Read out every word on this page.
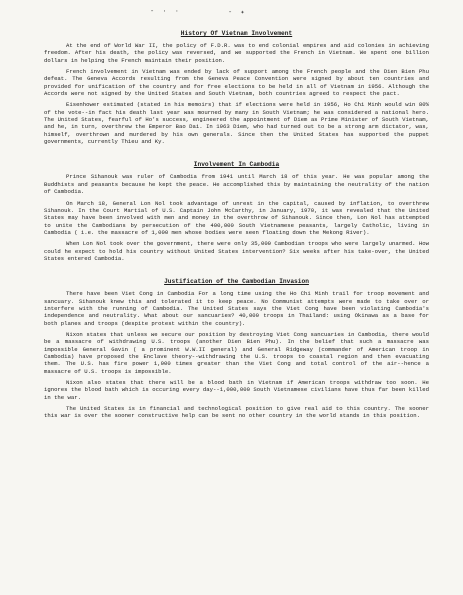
- · ·	- ✦
History Of Vietnam Involvement

At the end of World War II, the policy of F.D.R. was to end colonial empires and aid colonies in achieving freedom. After his death, the policy was reversed, and we supported the French in Vietnam. We spent one billion dollars in helping the French maintain their position.

French involvement in Vietnam was ended by lack of support among the French people and the Dien Bien Phu defeat. The Geneva Accords resulting from the Geneva Peace Convention were signed by about ten countries and provided for unification of the country and for free elections to be held in all of Vietnam in 1956. Although the Accords were not signed by the United States and South Vietnam, both countries agreed to respect the pact.

Eisenhower estimated (stated in his memoirs) that if elections were held in 1956, Ho Chi Minh would win 80% of the vote--in fact his death last year was mourned by many in South Vietnam; he was considered a national hero. The United States, fearful of Ho's success, engineered the appointment of Diem as Prime Minister of South Vietnam, and he, in turn, overthrew the Emperor Bao Dai. In 1963 Diem, who had turned out to be a strong arm dictator, was, himself, overthrown and murdered by his own generals. Since then the United States has supported the puppet governments, currently Thieu and Ky.

Involvement In Cambodia

Prince Sihanouk was ruler of Cambodia from 1941 until March 18 of this year. He was popular among the Buddhists and peasants because he kept the peace. He accomplished this by maintaining the neutrality of the nation of Cambodia.

On March 18, General Lon Nol took advantage of unrest in the capital, caused by inflation, to overthrew Sihanouk. In the Court Martial of U.S. Captain John McCarthy, in January, 1970, it was revealed that the United States may have been involved with men and money in the overthrow of Sihanouk. Since then, Lon Nol has attempted to unite the Cambodians by persecution of the 400,000 South Vietnamese peasants, largely Catholic, living in Cambodia ( i.e. the massacre of 1,000 men whose bodies were seen floating down the Mekong River).

When Lon Nol took over the government, there were only 35,000 Cambodian troops who were largely unarmed. How could he expect to hold his country without United States intervention? Six weeks after his take-over, the United States entered Cambodia.

Justification of the Cambodian Invasion

There have been Viet Cong in Cambodia For a long time using the Ho Chi Minh trail for troop movement and sancuary. Sihanouk knew this and tolerated it to keep peace. No Communist attempts were made to take over or interfere with the running of Cambodia. The United States says the Viet Cong have been violating Cambodia's independence and neutrality. What about our sancuaries? 40,000 troops in Thailand: using Okinawa as a base for both planes and troops (despite protest within the country).

Nixon states that unless we secure our position by destroying Viet Cong sancuaries in Cambodia, there would be a massacre of withdrawing U.S. troops (another Dien Bien Phu). In the belief that such a massacre was impossible General Gavin ( a prominent W.W.II general) and General Ridgeway (commander of American troop in Cambodia) have proposed the Enclave theory--withdrawing the U.S. troops to coastal region and then evacuating them. The U.S. has fire power 1,000 times greater than the Viet Cong and total control of the air--hence a massacre of U.S. troops is impossible.

Nixon also states that there will be a blood bath in Vietnam if American troops withdraw too soon. He ignores the blood bath which is occuring every day--1,000,000 South Vietnamese civilians have thus far been killed in the war.

The United States is in financial and technological position to give real aid to this country. The sooner this war is over the sooner constructive help can be sent no other country in the world stands in this position.
